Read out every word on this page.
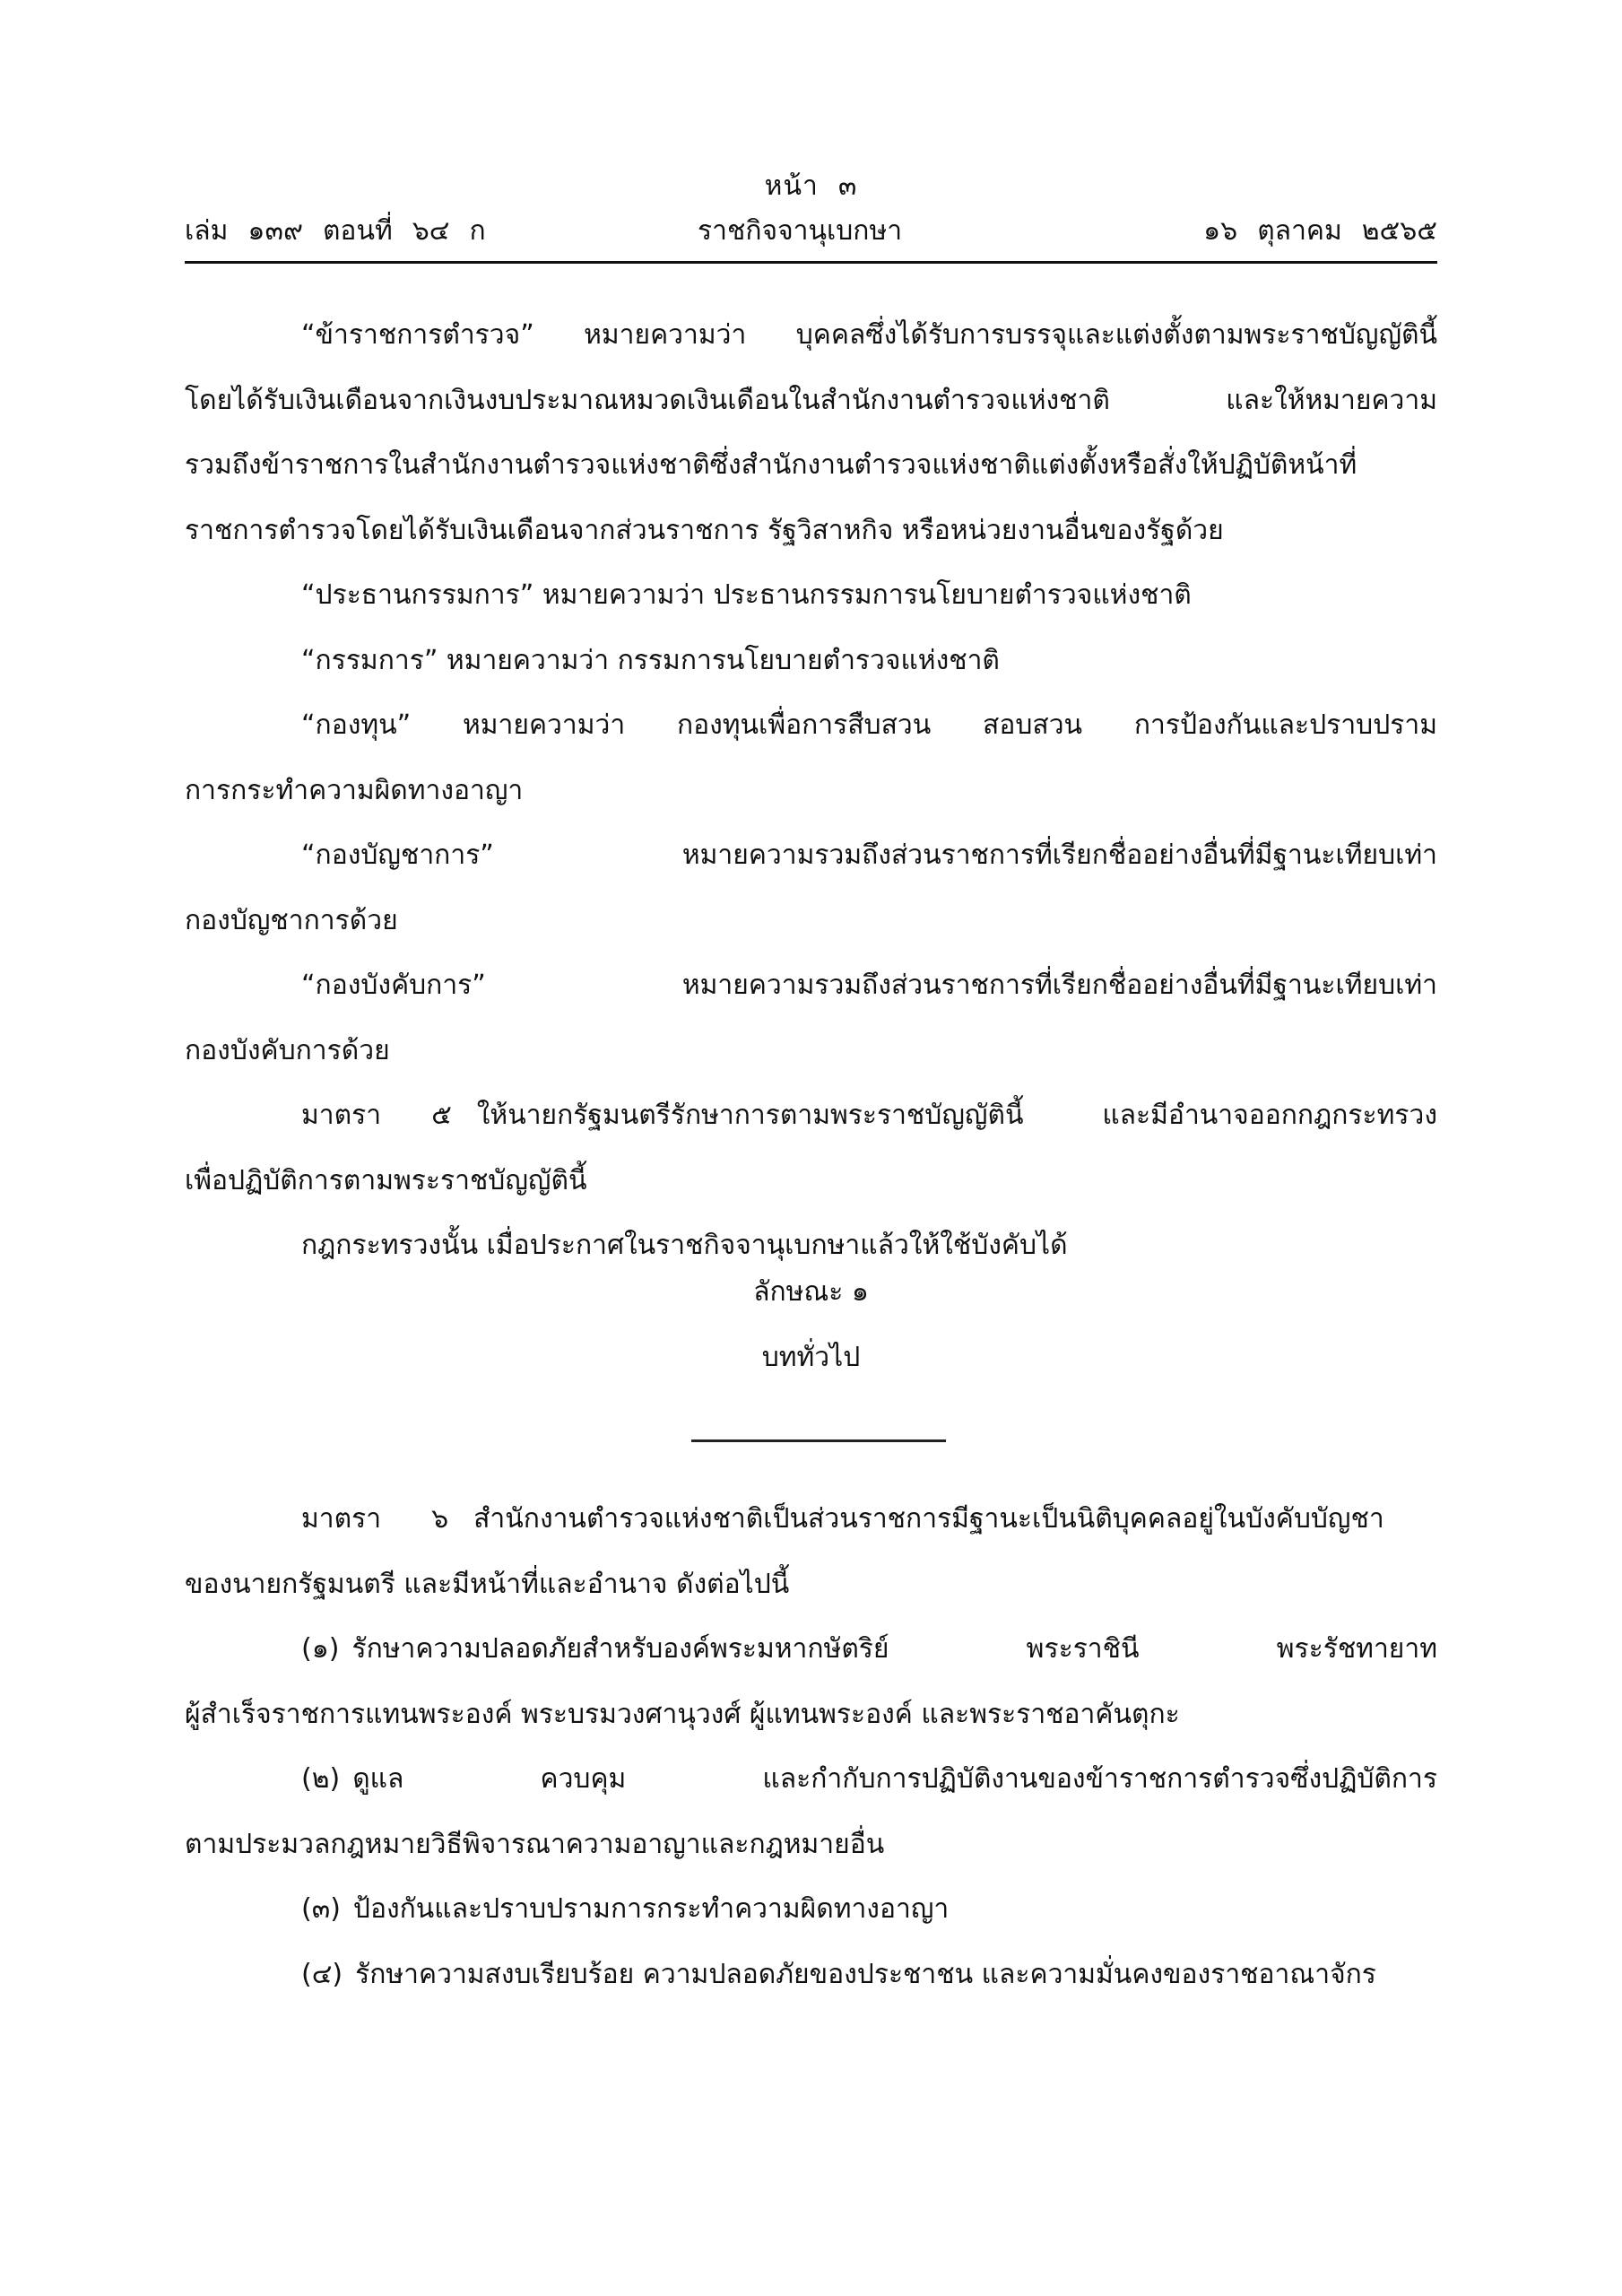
หน้า ๓
เล่ม ๑๓๙ ตอนที่ ๖๔ ก	ราชกิจจานุเบกษา	๑๖ ตุลาคม ๒๕๖๕
“ข้าราชการตำรวจ” หมายความว่า บุคคลซึ่งได้รับการบรรจุและแต่งตั้งตามพระราชบัญญัตินี้
โดยได้รับเงินเดือนจากเงินงบประมาณหมวดเงินเดือนในสำนักงานตำรวจแห่งชาติ และให้หมายความ
รวมถึงข้าราชการในสำนักงานตำรวจแห่งชาติซึ่งสำนักงานตำรวจแห่งชาติแต่งตั้งหรือสั่งให้ปฏิบัติหน้าที่
ราชการตำรวจโดยได้รับเงินเดือนจากส่วนราชการ รัฐวิสาหกิจ หรือหน่วยงานอื่นของรัฐด้วย
“ประธานกรรมการ” หมายความว่า ประธานกรรมการนโยบายตำรวจแห่งชาติ
“กรรมการ” หมายความว่า กรรมการนโยบายตำรวจแห่งชาติ
“กองทุน” หมายความว่า กองทุนเพื่อการสืบสวน สอบสวน การป้องกันและปราบปราม
การกระทำความผิดทางอาญา
“กองบัญชาการ” หมายความรวมถึงส่วนราชการที่เรียกชื่ออย่างอื่นที่มีฐานะเทียบเท่า
กองบัญชาการด้วย
“กองบังคับการ” หมายความรวมถึงส่วนราชการที่เรียกชื่ออย่างอื่นที่มีฐานะเทียบเท่า
กองบังคับการด้วย
มาตรา ๕ ให้นายกรัฐมนตรีรักษาการตามพระราชบัญญัตินี้ และมีอำนาจออกกฎกระทรวง
เพื่อปฏิบัติการตามพระราชบัญญัตินี้
กฎกระทรวงนั้น เมื่อประกาศในราชกิจจานุเบกษาแล้วให้ใช้บังคับได้
ลักษณะ ๑
บททั่วไป
มาตรา ๖ สำนักงานตำรวจแห่งชาติเป็นส่วนราชการมีฐานะเป็นนิติบุคคลอยู่ในบังคับบัญชา
ของนายกรัฐมนตรี และมีหน้าที่และอำนาจ ดังต่อไปนี้
(๑) รักษาความปลอดภัยสำหรับองค์พระมหากษัตริย์ พระราชินี พระรัชทายาท
ผู้สำเร็จราชการแทนพระองค์ พระบรมวงศานุวงศ์ ผู้แทนพระองค์ และพระราชอาคันตุกะ
(๒) ดูแล ควบคุม และกำกับการปฏิบัติงานของข้าราชการตำรวจซึ่งปฏิบัติการ
ตามประมวลกฎหมายวิธีพิจารณาความอาญาและกฎหมายอื่น
(๓) ป้องกันและปราบปรามการกระทำความผิดทางอาญา
(๔) รักษาความสงบเรียบร้อย ความปลอดภัยของประชาชน และความมั่นคงของราชอาณาจักร
